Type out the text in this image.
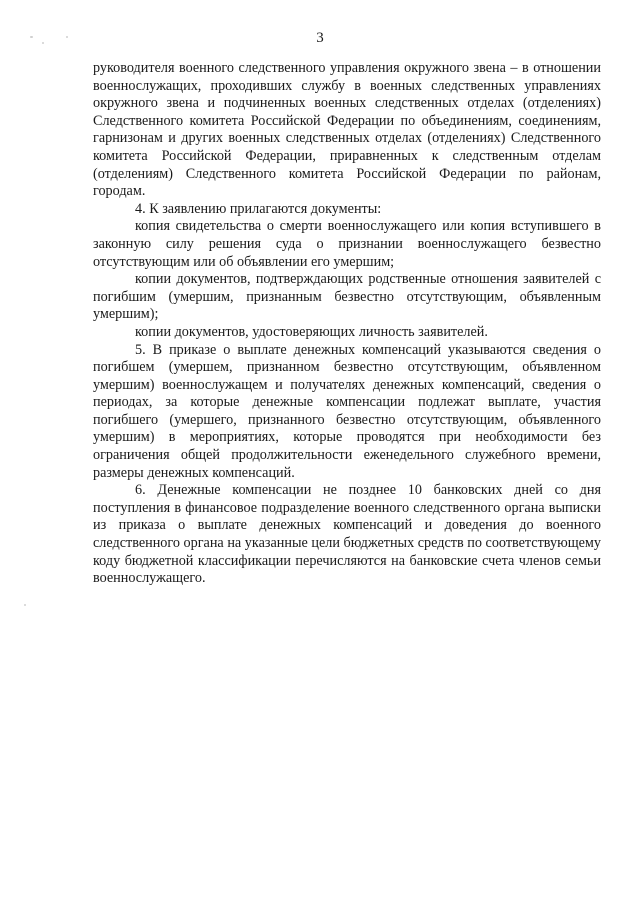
3

руководителя военного следственного управления окружного звена – в отношении военнослужащих, проходивших службу в военных следственных управлениях окружного звена и подчиненных военных следственных отделах (отделениях) Следственного комитета Российской Федерации по объединениям, соединениям, гарнизонам и других военных следственных отделах (отделениях) Следственного комитета Российской Федерации, приравненных к следственным отделам (отделениям) Следственного комитета Российской Федерации по районам, городам.

4. К заявлению прилагаются документы:

копия свидетельства о смерти военнослужащего или копия вступившего в законную силу решения суда о признании военнослужащего безвестно отсутствующим или об объявлении его умершим;

копии документов, подтверждающих родственные отношения заявителей с погибшим (умершим, признанным безвестно отсутствующим, объявленным умершим);

копии документов, удостоверяющих личность заявителей.

5. В приказе о выплате денежных компенсаций указываются сведения о погибшем (умершем, признанном безвестно отсутствующим, объявленном умершим) военнослужащем и получателях денежных компенсаций, сведения о периодах, за которые денежные компенсации подлежат выплате, участия погибшего (умершего, признанного безвестно отсутствующим, объявленного умершим) в мероприятиях, которые проводятся при необходимости без ограничения общей продолжительности еженедельного служебного времени, размеры денежных компенсаций.

6. Денежные компенсации не позднее 10 банковских дней со дня поступления в финансовое подразделение военного следственного органа выписки из приказа о выплате денежных компенсаций и доведения до военного следственного органа на указанные цели бюджетных средств по соответствующему коду бюджетной классификации перечисляются на банковские счета членов семьи военнослужащего.
